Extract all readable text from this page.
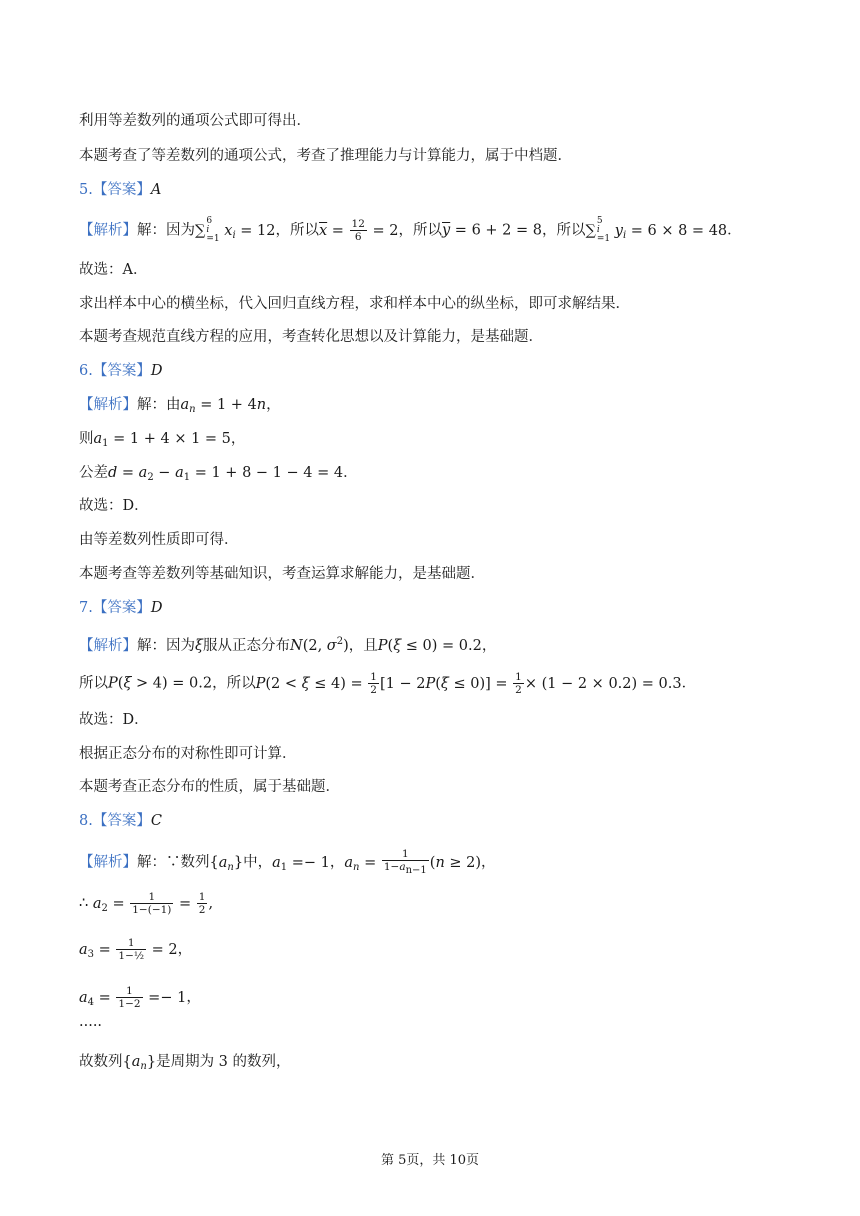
利用等差数列的通项公式即可得出．
本题考查了等差数列的通项公式，考查了推理能力与计算能力，属于中档题．
5.【答案】A
【解析】解：因为∑
6
i
=1
$x_i = 12$，所以$\overline{x} = \frac{12}{6} = 2$，所以$\overline{y} = 6 + 2 = 8$，所以∑
5
i
=1
$y_i = 6 \times 8 = 48$．
故选：A．
求出样本中心的横坐标，代入回归直线方程，求和样本中心的纵坐标，即可求解结果．
本题考查规范直线方程的应用，考查转化思想以及计算能力，是基础题．
6.【答案】D
【解析】解：由$a_n = 1 + 4n$，
则$a_1 = 1 + 4 \times 1 = 5$，
公差$d = a_2 - a_1 = 1 + 8 - 1 - 4 = 4$．
故选：D．
由等差数列性质即可得．
本题考查等差数列等基础知识，考查运算求解能力，是基础题．
7.【答案】D
【解析】解：因为ξ服从正态分布N(2, $\sigma^2$)，且P(ξ ≤ 0) = 0.2，
所以P(ξ > 4) = 0.2，所以$P(2 < \xi \le 4) = \frac{1}{2} [1 - 2P(\xi \le 0)] = \frac{1}{2} \times (1 - 2 \times 0.2) = 0.3$．
故选：D．
根据正态分布的对称性即可计算．
本题考查正态分布的性质，属于基础题．
8.【答案】C
【解析】解：∵数列$\{a_n\}$中，$a_1 =- 1$，$a_n = \frac{1}{1-an-1} (n \ge 2)$，
∴ $a_2 = \frac{1}{1-(-1)} = \frac{1}{2}$ ,
$a_3 = \frac{1}{\text{1−½}} = 2$，
$a_4 = \frac{1}{1-2} =- 1$，
·····
故数列$\{a_n\}$是周期为 3 的数列，
第 5页，共 10页
